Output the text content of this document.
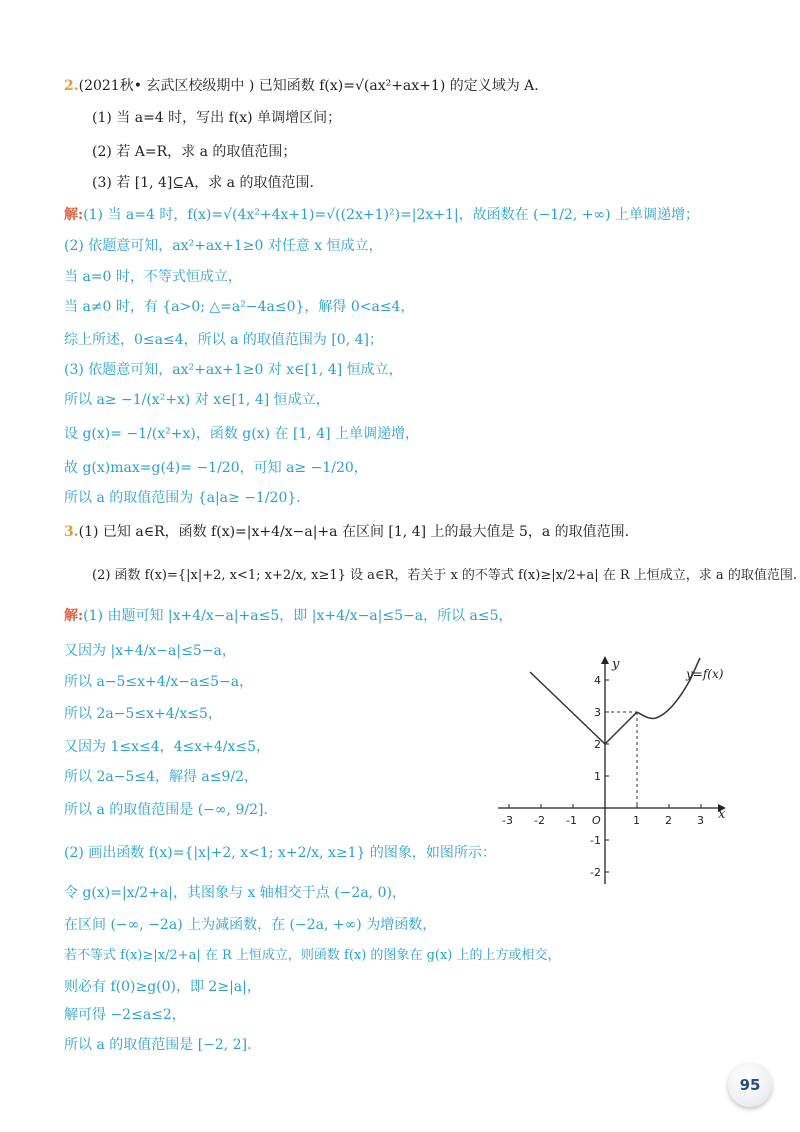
2.(2021秋• 玄武区校级期中 ) 已知函数 f(x)=√(ax²+ax+1) 的定义域为 A.
(1) 当 a=4 时，写出 f(x) 单调增区间；
(2) 若 A=R，求 a 的取值范围；
(3) 若 [1, 4]⊆A，求 a 的取值范围.
解:(1) 当 a=4 时，f(x)=√(4x²+4x+1)=√((2x+1)²)=|2x+1|，故函数在 (−1/2, +∞) 上单调递增；
(2) 依题意可知，ax²+ax+1≥0 对任意 x 恒成立，
当 a=0 时，不等式恒成立，
当 a≠0 时，有 {a>0; △=a²−4a≤0}，解得 0<a≤4，
综上所述，0≤a≤4，所以 a 的取值范围为 [0, 4]；
(3) 依题意可知，ax²+ax+1≥0 对 x∈[1, 4] 恒成立，
所以 a≥ −1/(x²+x) 对 x∈[1, 4] 恒成立，
设 g(x)= −1/(x²+x)，函数 g(x) 在 [1, 4] 上单调递增，
故 g(x)max=g(4)= −1/20，可知 a≥ −1/20，
所以 a 的取值范围为 {a|a≥ −1/20}.
3.(1) 已知 a∈R，函数 f(x)=|x+4/x−a|+a 在区间 [1, 4] 上的最大值是 5，a 的取值范围.
(2) 函数 f(x)={|x|+2, x<1; x+2/x, x≥1} 设 a∈R，若关于 x 的不等式 f(x)≥|x/2+a| 在 R 上恒成立，求 a 的取值范围.
解:(1) 由题可知 |x+4/x−a|+a≤5，即 |x+4/x−a|≤5−a，所以 a≤5，
又因为 |x+4/x−a|≤5−a，
所以 a−5≤x+4/x−a≤5−a，
所以 2a−5≤x+4/x≤5，
又因为 1≤x≤4，4≤x+4/x≤5，
所以 2a−5≤4，解得 a≤9/2，
所以 a 的取值范围是 (−∞, 9/2].
(2) 画出函数 f(x)={|x|+2, x<1; x+2/x, x≥1} 的图象，如图所示：
令 g(x)=|x/2+a|，其图象与 x 轴相交于点 (−2a, 0)，
在区间 (−∞, −2a) 上为减函数，在 (−2a, +∞) 为增函数，
若不等式 f(x)≥|x/2+a| 在 R 上恒成立，则函数 f(x) 的图象在 g(x) 上的上方或相交，
则必有 f(0)≥g(0)，即 2≥|a|，
解可得 −2≤a≤2，
所以 a 的取值范围是 [−2, 2].
-3 -2 -1	1 2 3
4
3
2
1
-1
-2
O	x
y
y=f(x)
95
